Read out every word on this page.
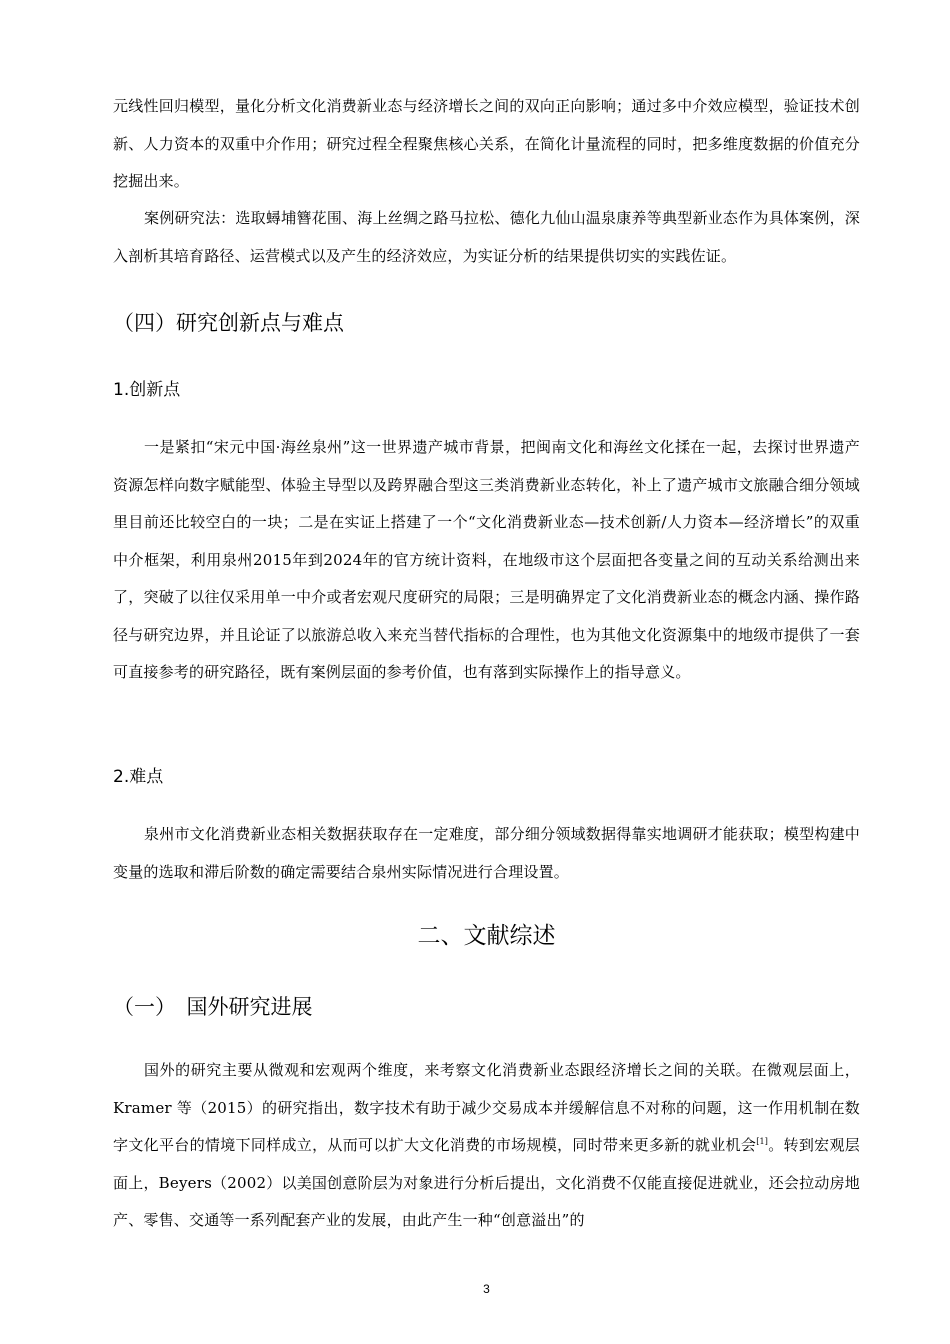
元线性回归模型，量化分析文化消费新业态与经济增长之间的双向正向影响；通过多中介效应模型，验证技术创新、人力资本的双重中介作用；研究过程全程聚焦核心关系，在简化计量流程的同时，把多维度数据的价值充分挖掘出来。

案例研究法：选取蟳埔簪花围、海上丝绸之路马拉松、德化九仙山温泉康养等典型新业态作为具体案例，深入剖析其培育路径、运营模式以及产生的经济效应，为实证分析的结果提供切实的实践佐证。

（四）研究创新点与难点
1.创新点

一是紧扣“宋元中国·海丝泉州”这一世界遗产城市背景，把闽南文化和海丝文化揉在一起，去探讨世界遗产资源怎样向数字赋能型、体验主导型以及跨界融合型这三类消费新业态转化，补上了遗产城市文旅融合细分领域里目前还比较空白的一块；二是在实证上搭建了一个“文化消费新业态—技术创新/人力资本—经济增长”的双重中介框架，利用泉州2015年到2024年的官方统计资料，在地级市这个层面把各变量之间的互动关系给测出来了，突破了以往仅采用单一中介或者宏观尺度研究的局限；三是明确界定了文化消费新业态的概念内涵、操作路径与研究边界，并且论证了以旅游总收入来充当替代指标的合理性，也为其他文化资源集中的地级市提供了一套可直接参考的研究路径，既有案例层面的参考价值，也有落到实际操作上的指导意义。

2.难点

泉州市文化消费新业态相关数据获取存在一定难度，部分细分领域数据得靠实地调研才能获取；模型构建中变量的选取和滞后阶数的确定需要结合泉州实际情况进行合理设置。

二、文献综述
（一）　国外研究进展

国外的研究主要从微观和宏观两个维度，来考察文化消费新业态跟经济增长之间的关联。在微观层面上，Kramer 等（2015）的研究指出，数字技术有助于减少交易成本并缓解信息不对称的问题，这一作用机制在数字文化平台的情境下同样成立，从而可以扩大文化消费的市场规模，同时带来更多新的就业机会[1]。转到宏观层面上，Beyers（2002）以美国创意阶层为对象进行分析后提出，文化消费不仅能直接促进就业，还会拉动房地产、零售、交通等一系列配套产业的发展，由此产生一种“创意溢出”的

3
